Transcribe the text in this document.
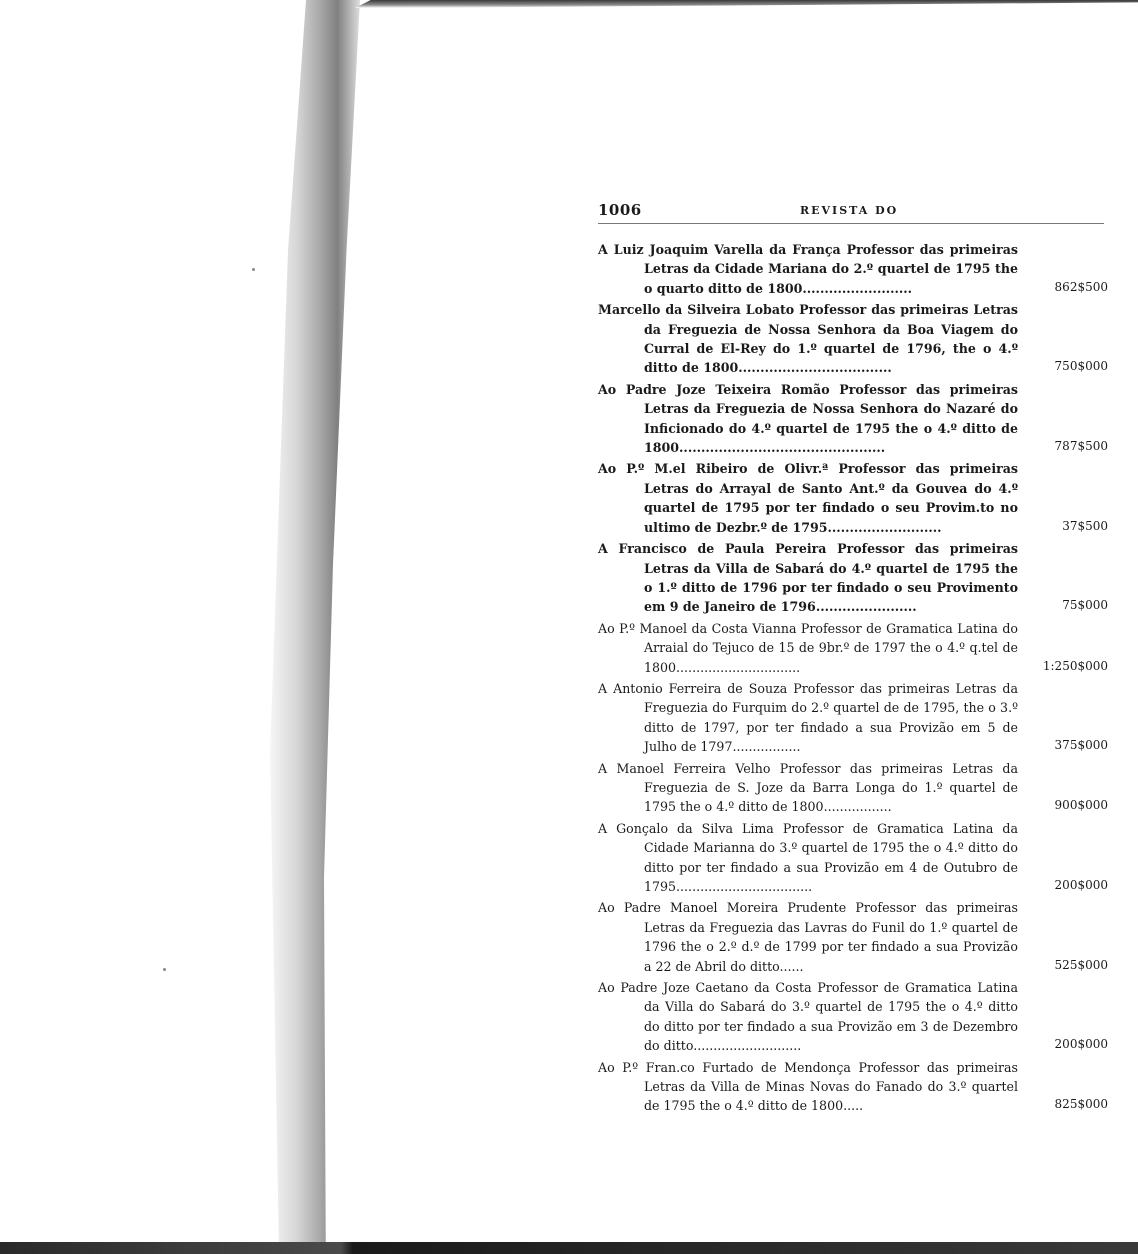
1006	REVISTA DO
A Luiz Joaquim Varella da França Professor das primeiras Letras da Cidade Mariana do 2.º quartel de 1795 the o quarto ditto de 1800.........................	862$500
Marcello da Silveira Lobato Professor das primeiras Letras da Freguezia de Nossa Senhora da Boa Viagem do Curral de El-Rey do 1.º quartel de 1796, the o 4.º ditto de 1800...................................	750$000
Ao Padre Joze Teixeira Romão Professor das primeiras Letras da Freguezia de Nossa Senhora do Nazaré do Inficionado do 4.º quartel de 1795 the o 4.º ditto de 1800...............................................	787$500
Ao P.º M.el Ribeiro de Olivr.ª Professor das primeiras Letras do Arrayal de Santo Ant.º da Gouvea do 4.º quartel de 1795 por ter findado o seu Provim.to no ultimo de Dezbr.º de 1795..........................	37$500
A Francisco de Paula Pereira Professor das primeiras Letras da Villa de Sabará do 4.º quartel de 1795 the o 1.º ditto de 1796 por ter findado o seu Provimento em 9 de Janeiro de 1796.......................	75$000
Ao P.º Manoel da Costa Vianna Professor de Gramatica Latina do Arraial do Tejuco de 15 de 9br.º de 1797 the o 4.º q.tel de 1800...............................	1:250$000
A Antonio Ferreira de Souza Professor das primeiras Letras da Freguezia do Furquim do 2.º quartel de de 1795, the o 3.º ditto de 1797, por ter findado a sua Provizão em 5 de Julho de 1797.................	375$000
A Manoel Ferreira Velho Professor das primeiras Letras da Freguezia de S. Joze da Barra Longa do 1.º quartel de 1795 the o 4.º ditto de 1800.................	900$000
A Gonçalo da Silva Lima Professor de Gramatica Latina da Cidade Marianna do 3.º quartel de 1795 the o 4.º ditto do ditto por ter findado a sua Provizão em 4 de Outubro de 1795..................................	200$000
Ao Padre Manoel Moreira Prudente Professor das primeiras Letras da Freguezia das Lavras do Funil do 1.º quartel de 1796 the o 2.º d.º de 1799 por ter findado a sua Provizão a 22 de Abril do ditto......	525$000
Ao Padre Joze Caetano da Costa Professor de Gramatica Latina da Villa do Sabará do 3.º quartel de 1795 the o 4.º ditto do ditto por ter findado a sua Provizão em 3 de Dezembro do ditto...........................	200$000
Ao P.º Fran.co Furtado de Mendonça Professor das primeiras Letras da Villa de Minas Novas do Fanado do 3.º quartel de 1795 the o 4.º ditto de 1800.....	825$000
